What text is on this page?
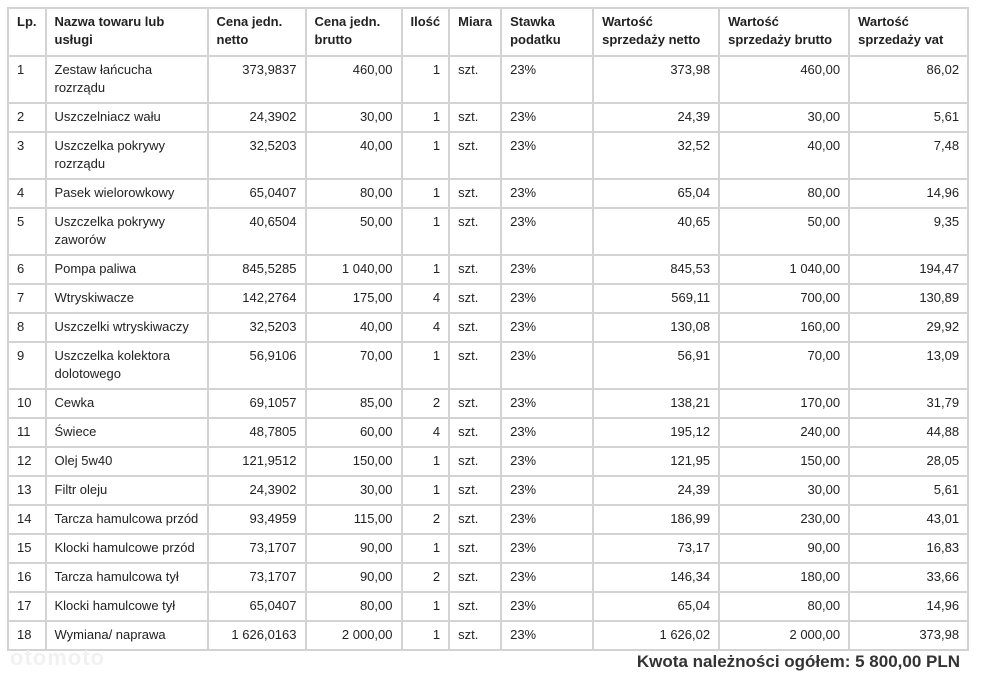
Lp.	Nazwa towaru lub usługi	Cena jedn. netto	Cena jedn. brutto	Ilość	Miara	Stawka podatku	Wartość sprzedaży netto	Wartość sprzedaży brutto	Wartość sprzedaży vat
1	Zestaw łańcucha rozrządu	373,9837	460,00	1	szt.	23%	373,98	460,00	86,02
2	Uszczelniacz wału	24,3902	30,00	1	szt.	23%	24,39	30,00	5,61
3	Uszczelka pokrywy rozrządu	32,5203	40,00	1	szt.	23%	32,52	40,00	7,48
4	Pasek wielorowkowy	65,0407	80,00	1	szt.	23%	65,04	80,00	14,96
5	Uszczelka pokrywy zaworów	40,6504	50,00	1	szt.	23%	40,65	50,00	9,35
6	Pompa paliwa	845,5285	1 040,00	1	szt.	23%	845,53	1 040,00	194,47
7	Wtryskiwacze	142,2764	175,00	4	szt.	23%	569,11	700,00	130,89
8	Uszczelki wtryskiwaczy	32,5203	40,00	4	szt.	23%	130,08	160,00	29,92
9	Uszczelka kolektora dolotowego	56,9106	70,00	1	szt.	23%	56,91	70,00	13,09
10	Cewka	69,1057	85,00	2	szt.	23%	138,21	170,00	31,79
11	Świece	48,7805	60,00	4	szt.	23%	195,12	240,00	44,88
12	Olej 5w40	121,9512	150,00	1	szt.	23%	121,95	150,00	28,05
13	Filtr oleju	24,3902	30,00	1	szt.	23%	24,39	30,00	5,61
14	Tarcza hamulcowa przód	93,4959	115,00	2	szt.	23%	186,99	230,00	43,01
15	Klocki hamulcowe przód	73,1707	90,00	1	szt.	23%	73,17	90,00	16,83
16	Tarcza hamulcowa tył	73,1707	90,00	2	szt.	23%	146,34	180,00	33,66
17	Klocki hamulcowe tył	65,0407	80,00	1	szt.	23%	65,04	80,00	14,96
18	Wymiana/ naprawa	1 626,0163	2 000,00	1	szt.	23%	1 626,02	2 000,00	373,98
otomoto	Kwota należności ogółem: 5 800,00 PLN
